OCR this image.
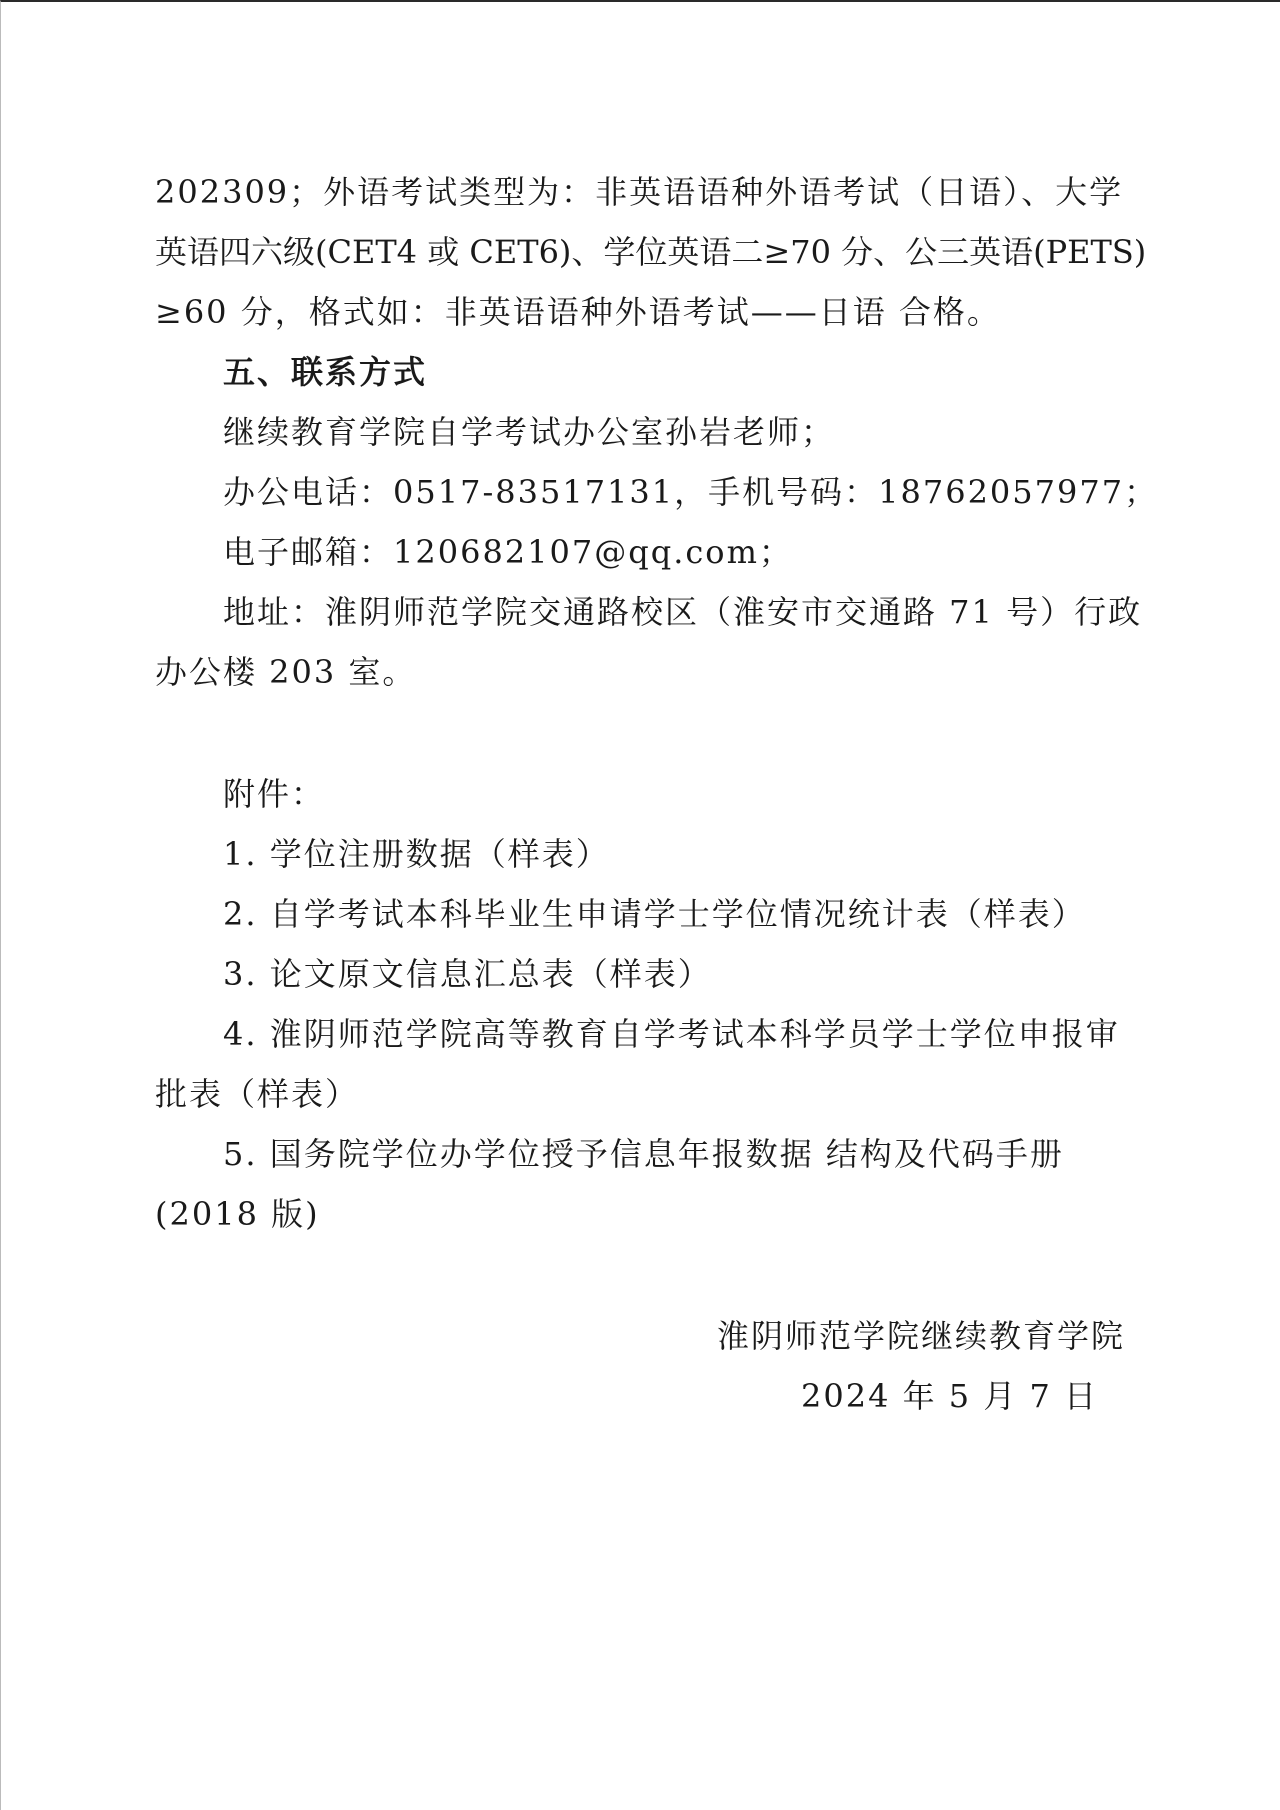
202309；外语考试类型为：非英语语种外语考试（日语）、大学

英语四六级(CET4 或 CET6)、学位英语二≥70 分、公三英语(PETS)

≥60 分，格式如：非英语语种外语考试——日语 合格。

五、联系方式

继续教育学院自学考试办公室孙岩老师；

办公电话：0517-83517131，手机号码：18762057977；

电子邮箱：120682107@qq.com；

地址：淮阴师范学院交通路校区（淮安市交通路 71 号）行政

办公楼 203 室。

附件：

1. 学位注册数据（样表）

2. 自学考试本科毕业生申请学士学位情况统计表（样表）

3. 论文原文信息汇总表（样表）

4. 淮阴师范学院高等教育自学考试本科学员学士学位申报审

批表（样表）

5. 国务院学位办学位授予信息年报数据 结构及代码手册

(2018 版)

淮阴师范学院继续教育学院

2024 年 5 月 7 日
